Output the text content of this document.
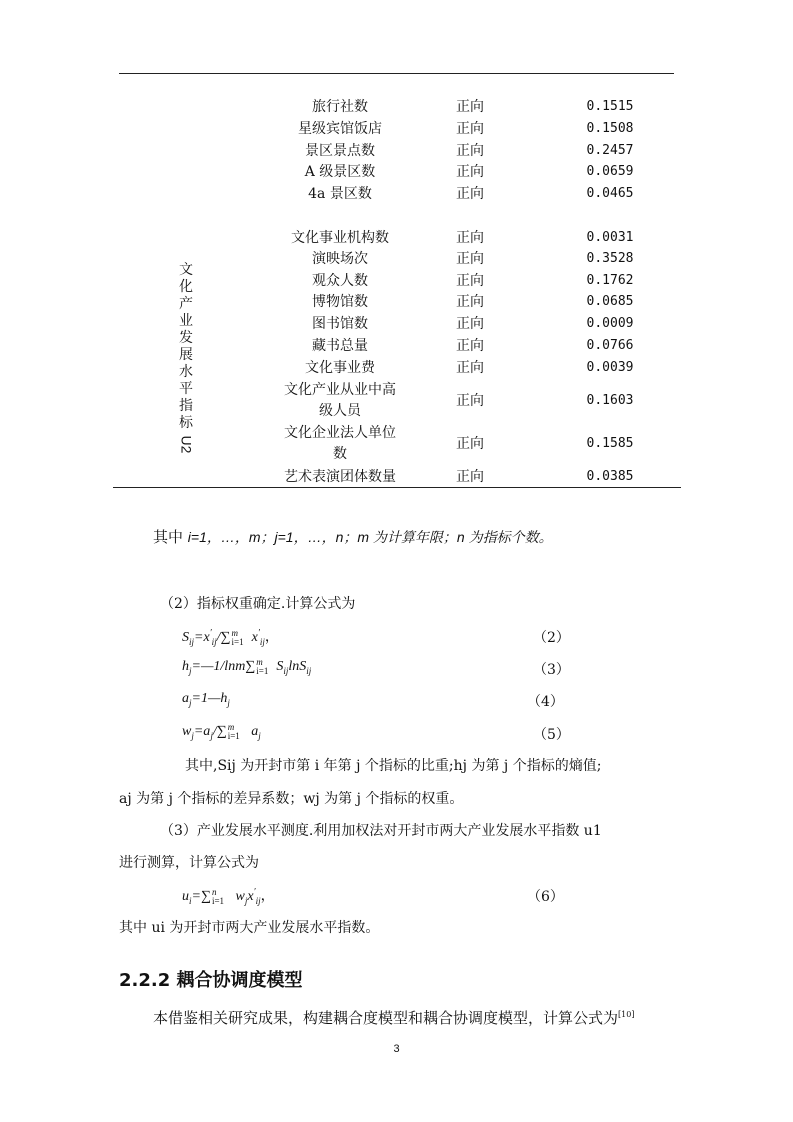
文
化
产
业
发
展
水
平
指
标
U2
旅行社数	正向	0.1515
星级宾馆饭店	正向	0.1508
景区景点数	正向	0.2457
A 级景区数	正向	0.0659
4a 景区数	正向	0.0465
文化事业机构数	正向	0.0031
演映场次	正向	0.3528
观众人数	正向	0.1762
博物馆数	正向	0.0685
图书馆数	正向	0.0009
藏书总量	正向	0.0766
文化事业费	正向	0.0039
文化产业从业中高
级人员
正向	0.1603
文化企业法人单位
数
正向	0.1585
艺术表演团体数量	正向	0.0385
其中 i=1，…，m；j=1，…，n；m 为计算年限；n 为指标个数。
（2）指标权重确定.计算公式为
$S_{ij}=x'_{ij}/\sum$ m
i=1 $x'_{ij}$，	（2）
$h_j=—1/\ln m\sum$ m
i=1 $S_{ij}\ln S_{ij}$	（3）
$a_j=1—h_j$	（4）
$w_j=a_j/\sum$ m
i=1 $a_j$	（5）
其中,Sij 为开封市第 i 年第 j 个指标的比重;hj 为第 j 个指标的熵值;
aj 为第 j 个指标的差异系数；wj 为第 j 个指标的权重。
（3）产业发展水平测度.利用加权法对开封市两大产业发展水平指数 u1
进行测算，计算公式为
$u_i=\sum$ n
i=1 $w_jx'_{ij}$，	（6）
其中 ui 为开封市两大产业发展水平指数。
2.2.2 耦合协调度模型
本借鉴相关研究成果，构建耦合度模型和耦合协调度模型，计算公式为[10]
3
